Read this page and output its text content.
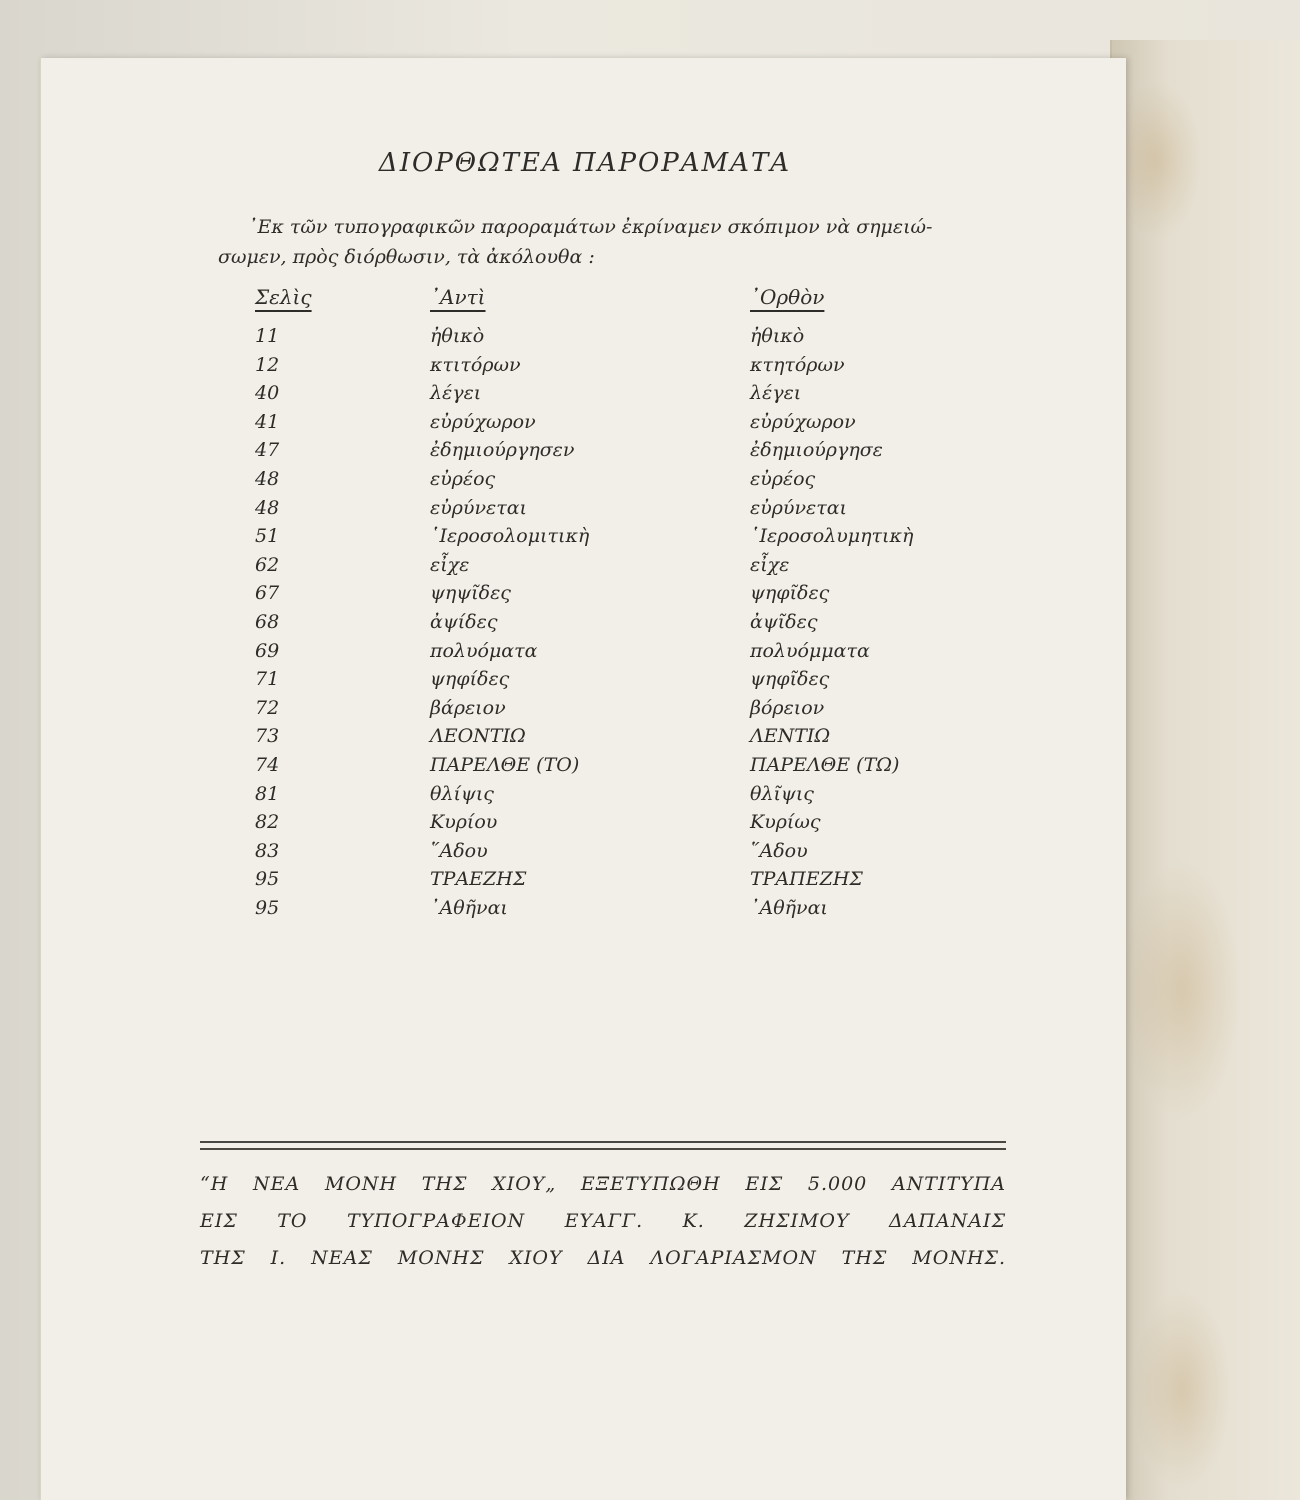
ΔΙΟΡΘΩΤΕΑ ΠΑΡΟΡΑΜΑΤΑ
᾿Εκ τῶν τυπογραφικῶν παροραμάτων ἐκρίναμεν σκόπιμον νὰ σημειώ-
σωμεν, πρὸς διόρθωσιν, τὰ ἀκόλουθα :
Σελὶς	᾿Αντὶ	᾿Ορθὸν
11	ἠθικὸ	ἠθικὸ
12	κτιτόρων	κτητόρων
40	λέγει	λέγει
41	εὐρύχωρον	εὐρύχωρον
47	ἐδημιούργησεν	ἐδημιούργησε
48	εὐρέος	εὐρέος
48	εὐρύνεται	εὐρύνεται
51	῾Ιεροσολομιτικὴ	῾Ιεροσολυμητικὴ
62	εἶχε	εἶχε
67	ψηψῖδες	ψηφῖδες
68	ἀψίδες	ἀψῖδες
69	πολυόματα	πολυόμματα
71	ψηφίδες	ψηφῖδες
72	βάρειον	βόρειον
73	ΛΕΟΝΤΙΩ	ΛΕΝΤΙΩ
74	ΠΑΡΕΛΘΕ (ΤΟ)	ΠΑΡΕΛΘΕ (ΤΩ)
81	θλίψις	θλῖψις
82	Κυρίου	Κυρίως
83	῞Αδου	῞Αδου
95	ΤΡΑΕΖΗΣ	ΤΡΑΠΕΖΗΣ
95	᾿Αθῆναι	᾿Αθῆναι
“Η ΝΕΑ ΜΟΝΗ ΤΗΣ ΧΙΟΥ„ ΕΞΕΤΥΠΩΘΗ ΕΙΣ 5.000 ΑΝΤΙΤΥΠΑ
ΕΙΣ ΤΟ ΤΥΠΟΓΡΑΦΕΙΟΝ ΕΥΑΓΓ. Κ. ΖΗΣΙΜΟΥ ΔΑΠΑΝΑΙΣ
ΤΗΣ Ι. ΝΕΑΣ ΜΟΝΗΣ ΧΙΟΥ ΔΙΑ ΛΟΓΑΡΙΑΣΜΟΝ ΤΗΣ ΜΟΝΗΣ.
